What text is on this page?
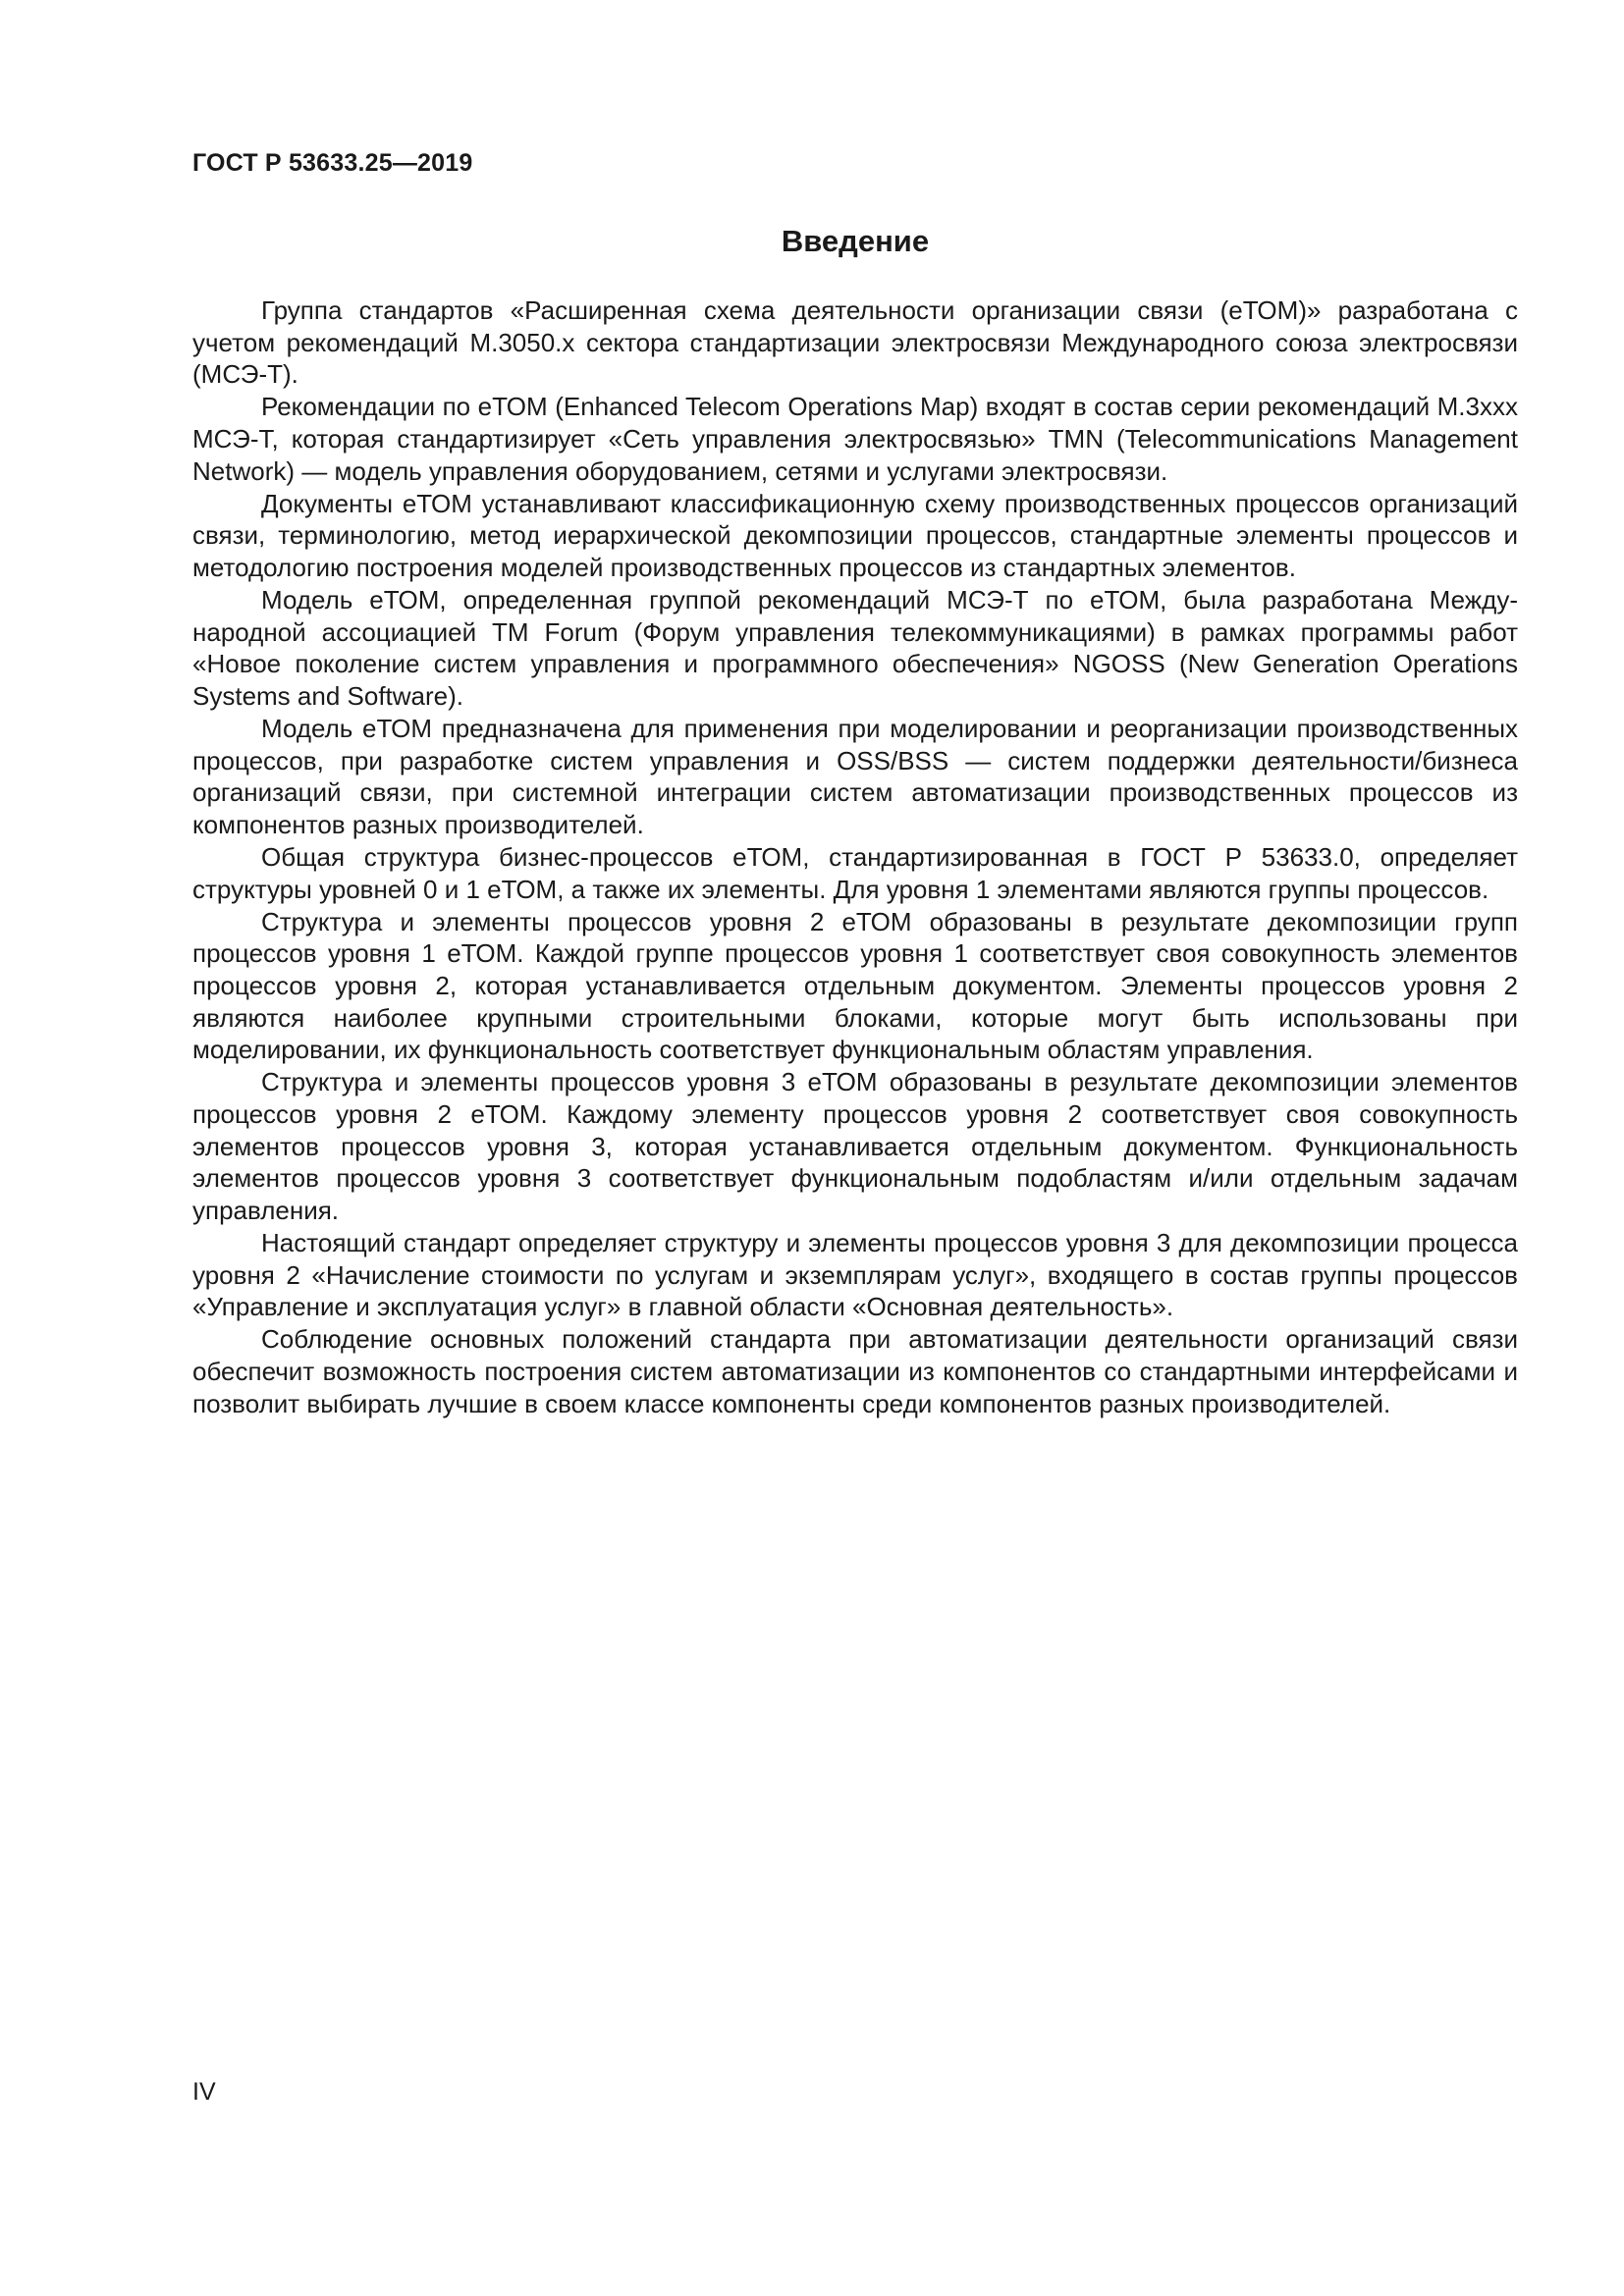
ГОСТ Р 53633.25—2019
Введение

Группа стандартов «Расширенная схема деятельности организации связи (еТОМ)» разработана с учетом рекомендаций М.3050.х сектора стандартизации электросвязи Международного союза электросвязи (МСЭ-Т).

Рекомендации по еТОМ (Enhanced Telecom Operations Map) входят в состав серии рекомендаций М.3ххх МСЭ-Т, которая стандартизирует «Сеть управления электросвязью» TMN (Telecommunications Management Network) — модель управления оборудованием, сетями и услугами электросвязи.

Документы еТОМ устанавливают классификационную схему производственных процессов организаций связи, терминологию, метод иерархической декомпозиции процессов, стандартные элементы процессов и методологию построения моделей производственных процессов из стандартных элементов.

Модель еТОМ, определенная группой рекомендаций МСЭ-Т по еТОМ, была разработана Международной ассоциацией TM Forum (Форум управления телекоммуникациями) в рамках программы работ «Новое поколение систем управления и программного обеспечения» NGOSS (New Generation Operations Systems and Software).

Модель еТОМ предназначена для применения при моделировании и реорганизации производственных процессов, при разработке систем управления и OSS/BSS — систем поддержки деятельности/бизнеса организаций связи, при системной интеграции систем автоматизации производственных процессов из компонентов разных производителей.

Общая структура бизнес-процессов еТОМ, стандартизированная в ГОСТ Р 53633.0, определяет структуры уровней 0 и 1 еТОМ, а также их элементы. Для уровня 1 элементами являются группы процессов.

Структура и элементы процессов уровня 2 еТОМ образованы в результате декомпозиции групп процессов уровня 1 еТОМ. Каждой группе процессов уровня 1 соответствует своя совокупность элементов процессов уровня 2, которая устанавливается отдельным документом. Элементы процессов уровня 2 являются наиболее крупными строительными блоками, которые могут быть использованы при моделировании, их функциональность соответствует функциональным областям управления.

Структура и элементы процессов уровня 3 еТОМ образованы в результате декомпозиции элементов процессов уровня 2 еТОМ. Каждому элементу процессов уровня 2 соответствует своя совокупность элементов процессов уровня 3, которая устанавливается отдельным документом. Функциональность элементов процессов уровня 3 соответствует функциональным подобластям и/или отдельным задачам управления.

Настоящий стандарт определяет структуру и элементы процессов уровня 3 для декомпозиции процесса уровня 2 «Начисление стоимости по услугам и экземплярам услуг», входящего в состав группы процессов «Управление и эксплуатация услуг» в главной области «Основная деятельность».

Соблюдение основных положений стандарта при автоматизации деятельности организаций связи обеспечит возможность построения систем автоматизации из компонентов со стандартными интерфейсами и позволит выбирать лучшие в своем классе компоненты среди компонентов разных производителей.

IV
